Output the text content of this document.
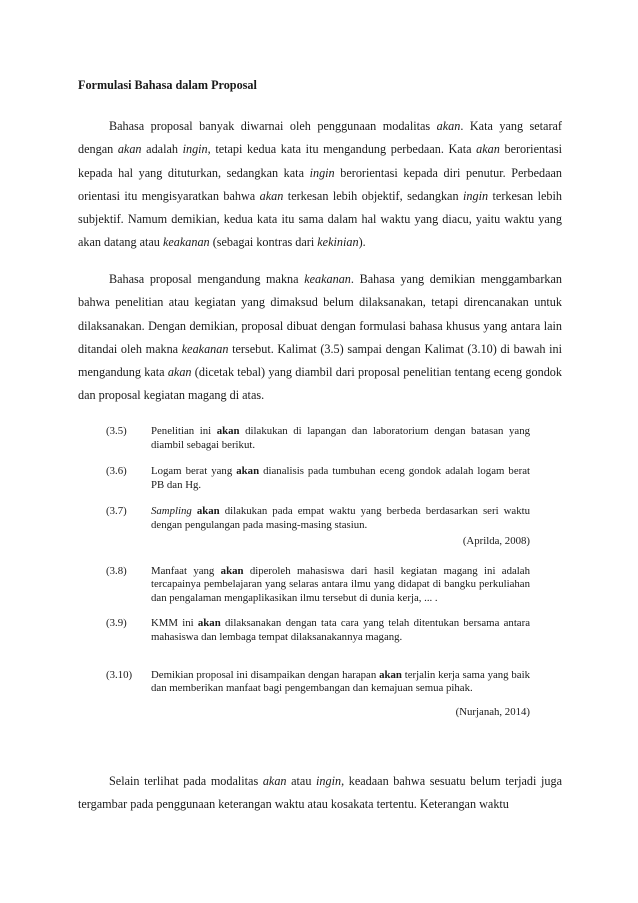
Formulasi Bahasa dalam Proposal
Bahasa proposal banyak diwarnai oleh penggunaan modalitas akan. Kata yang setaraf dengan akan adalah ingin, tetapi kedua kata itu mengandung perbedaan. Kata akan berorientasi kepada hal yang dituturkan, sedangkan kata ingin berorientasi kepada diri penutur. Perbedaan orientasi itu mengisyaratkan bahwa akan terkesan lebih objektif, sedangkan ingin terkesan lebih subjektif. Namum demikian, kedua kata itu sama dalam hal waktu yang diacu, yaitu waktu yang akan datang atau keakanan (sebagai kontras dari kekinian).
Bahasa proposal mengandung makna keakanan. Bahasa yang demikian menggambarkan bahwa penelitian atau kegiatan yang dimaksud belum dilaksanakan, tetapi direncanakan untuk dilaksanakan. Dengan demikian, proposal dibuat dengan formulasi bahasa khusus yang antara lain ditandai oleh makna keakanan tersebut. Kalimat (3.5) sampai dengan Kalimat (3.10) di bawah ini mengandung kata akan (dicetak tebal) yang diambil dari proposal penelitian tentang eceng gondok dan proposal kegiatan magang di atas.
(3.5)	Penelitian ini akan dilakukan di lapangan dan laboratorium dengan batasan yang diambil sebagai berikut.
(3.6)	Logam berat yang akan dianalisis pada tumbuhan eceng gondok adalah logam berat PB dan Hg.
(3.7)	Sampling akan dilakukan pada empat waktu yang berbeda berdasarkan seri waktu dengan pengulangan pada masing-masing stasiun.
(Aprilda, 2008)
(3.8)	Manfaat yang akan diperoleh mahasiswa dari hasil kegiatan magang ini adalah tercapainya pembelajaran yang selaras antara ilmu yang didapat di bangku perkuliahan dan pengalaman mengaplikasikan ilmu tersebut di dunia kerja, ... .
(3.9)	KMM ini akan dilaksanakan dengan tata cara yang telah ditentukan bersama antara mahasiswa dan lembaga tempat dilaksanakannya magang.
(3.10)	Demikian proposal ini disampaikan dengan harapan akan terjalin kerja sama yang baik dan memberikan manfaat bagi pengembangan dan kemajuan semua pihak.
(Nurjanah, 2014)
Selain terlihat pada modalitas akan atau ingin, keadaan bahwa sesuatu belum terjadi juga tergambar pada penggunaan keterangan waktu atau kosakata tertentu. Keterangan waktu
